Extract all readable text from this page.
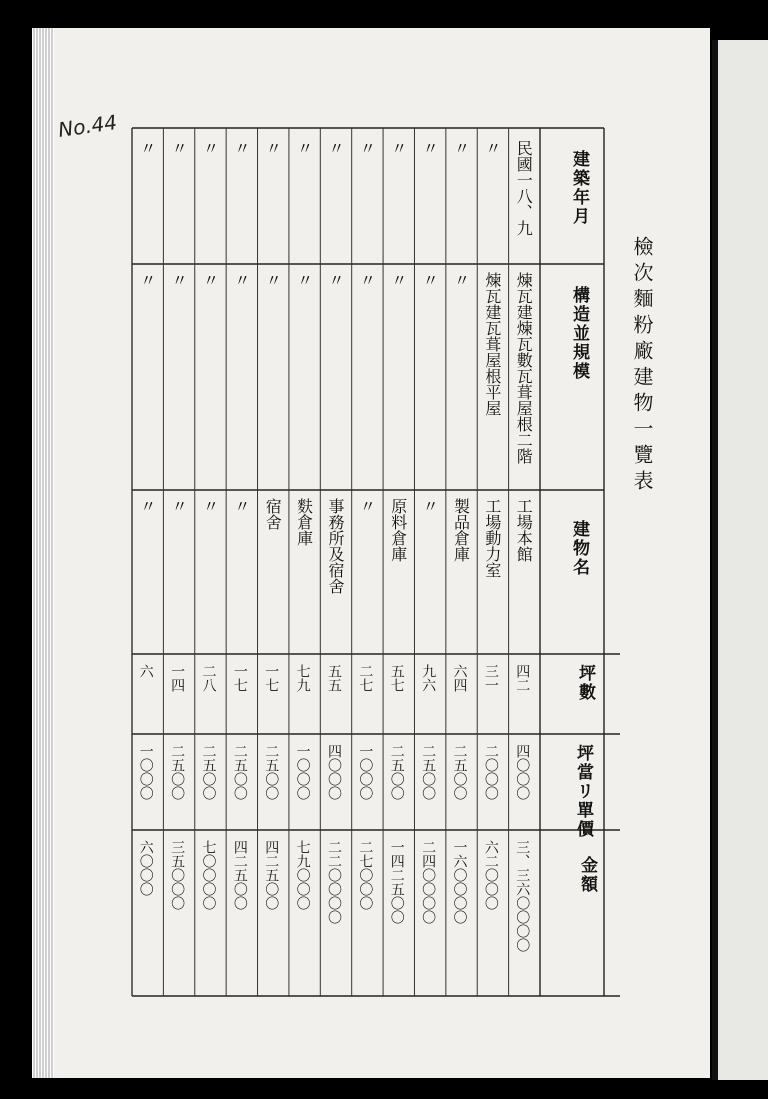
檢次麵粉廠建物一覽表
No.44
建築年月
構造並規模
建物名
坪數
坪當リ單價
金額
民國一八、九
煉瓦建煉瓦數瓦葺屋根二階
工場本館
四二
四〇〇〇
三、三六〇〇〇〇
〃
煉瓦建瓦葺屋根平屋
工場動力室
三一
二〇〇〇
六二〇〇〇
〃
〃
製品倉庫
六四
二五〇〇
一六〇〇〇〇
〃
〃
〃
九六
二五〇〇
二四〇〇〇〇
〃
〃
原料倉庫
五七
二五〇〇
一四二五〇〇
〃
〃
〃
二七
一〇〇〇
二七〇〇〇
〃
〃
事務所及宿舍
五五
四〇〇〇
二二〇〇〇〇
〃
〃
麩倉庫
七九
一〇〇〇
七九〇〇〇
〃
〃
宿舍
一七
二五〇〇
四二五〇〇
〃
〃
〃
一七
二五〇〇
四二五〇〇
〃
〃
〃
二八
二五〇〇
七〇〇〇〇
〃
〃
〃
一四
二五〇〇
三五〇〇〇
〃
〃
〃
六
一〇〇〇
六〇〇〇
